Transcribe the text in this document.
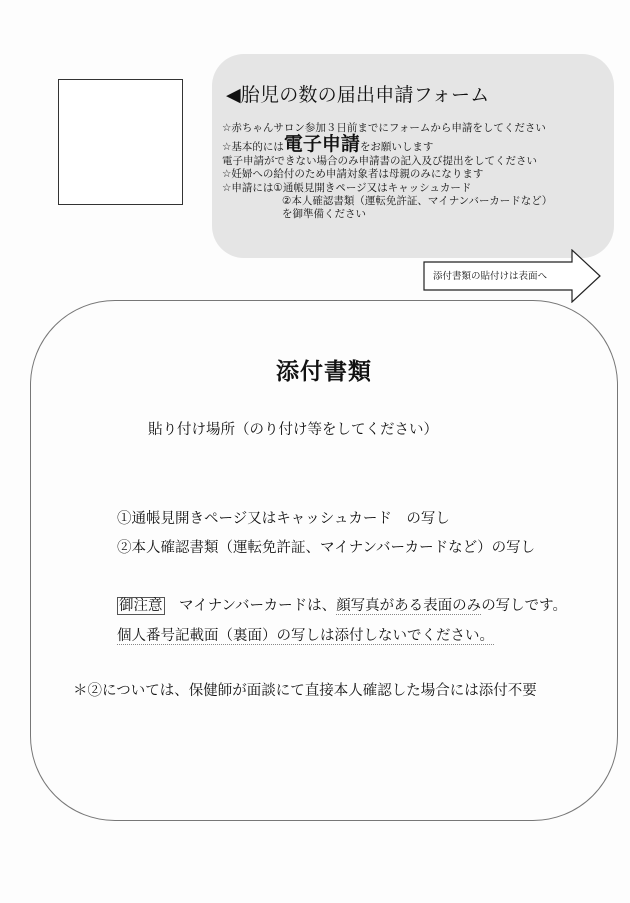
◀胎児の数の届出申請フォーム
☆赤ちゃんサロン参加３日前までにフォームから申請をしてください
☆基本的には電子申請をお願いします
電子申請ができない場合のみ申請書の記入及び提出をしてください
☆妊婦への給付のため申請対象者は母親のみになります
☆申請には①通帳見開きページ又はキャッシュカード
②本人確認書類（運転免許証、マイナンバーカードなど）
を御準備ください
添付書類の貼付けは表面へ
添付書類
貼り付け場所（のり付け等をしてください）
①通帳見開きページ又はキャッシュカード　の写し
②本人確認書類（運転免許証、マイナンバーカードなど）の写し
御注意　マイナンバーカードは、顔写真がある表面のみの写しです。
個人番号記載面（裏面）の写しは添付しないでください。
＊②については、保健師が面談にて直接本人確認した場合には添付不要
